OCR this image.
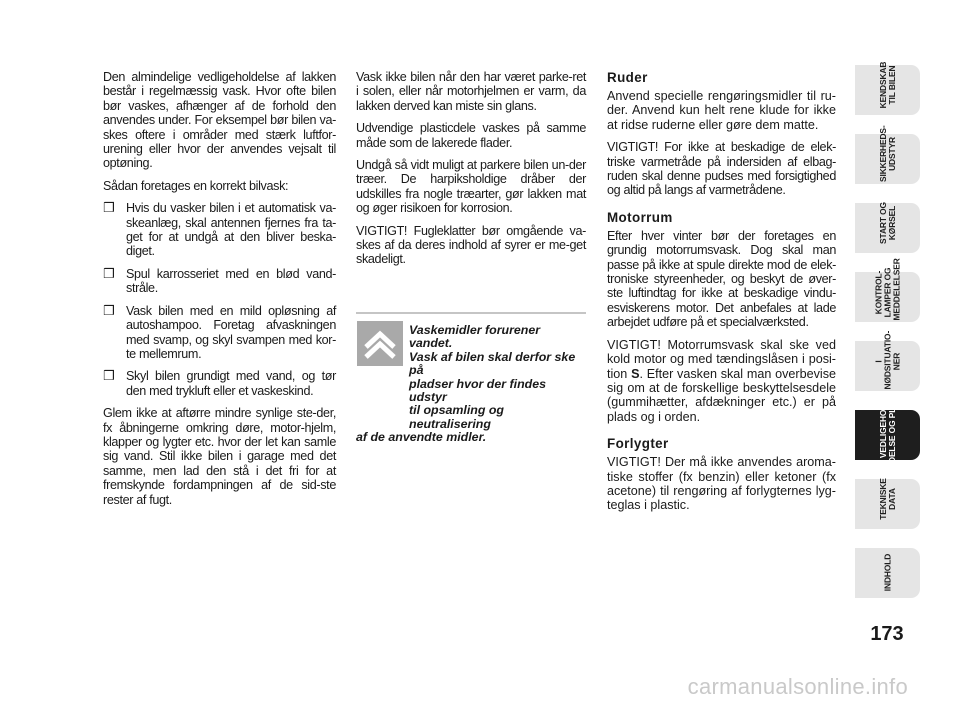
Den almindelige vedligeholdelse af lakken består i regelmæssig vask. Hvor ofte bilen bør vaskes, afhænger af de forhold den anvendes under. For eksempel bør bilen va-skes oftere i områder med stærk luftfor-urening eller hvor der anvendes vejsalt til optøning.

Sådan foretages en korrekt bilvask:

❒ Hvis du vasker bilen i et automatisk va-skeanlæg, skal antennen fjernes fra ta-get for at undgå at den bliver beska-diget.
❒ Spul karrosseriet med en blød vand-stråle.
❒ Vask bilen med en mild opløsning af autoshampoo. Foretag afvaskningen med svamp, og skyl svampen med kor-te mellemrum.
❒ Skyl bilen grundigt med vand, og tør den med trykluft eller et vaskeskind.

Glem ikke at aftørre mindre synlige ste-der, fx åbningerne omkring døre, motor-hjelm, klapper og lygter etc. hvor der let kan samle sig vand. Stil ikke bilen i garage med det samme, men lad den stå i det fri for at fremskynde fordampningen af de sid-ste rester af fugt.

Vask ikke bilen når den har været parke-ret i solen, eller når motorhjelmen er varm, da lakken derved kan miste sin glans.

Udvendige plasticdele vaskes på samme måde som de lakerede flader.

Undgå så vidt muligt at parkere bilen un-der træer. De harpiksholdige dråber der udskilles fra nogle træarter, gør lakken mat og øger risikoen for korrosion.

VIGTIGT! Fugleklatter bør omgående va-skes af da deres indhold af syrer er me-get skadeligt.

Vaskemidler forurener vandet.
Vask af bilen skal derfor ske på
pladser hvor der findes udstyr
til opsamling og neutralisering
af de anvendte midler.
Ruder

Anvend specielle rengøringsmidler til ru-der. Anvend kun helt rene klude for ikke at ridse ruderne eller gøre dem matte.

VIGTIGT! For ikke at beskadige de elek-triske varmetråde på indersiden af elbag-ruden skal denne pudses med forsigtighed og altid på langs af varmetrådene.

Motorrum

Efter hver vinter bør der foretages en grundig motorrumsvask. Dog skal man passe på ikke at spule direkte mod de elek-troniske styreenheder, og beskyt de øver-ste luftindtag for ikke at beskadige vindu-esviskerens motor. Det anbefales at lade arbejdet udføre på et specialværksted.

VIGTIGT! Motorrumsvask skal ske ved kold motor og med tændingslåsen i posi-tion S. Efter vasken skal man overbevise sig om at de forskellige beskyttelsesdele (gummihætter, afdækninger etc.) er på plads og i orden.

Forlygter

VIGTIGT! Der må ikke anvendes aroma-tiske stoffer (fx benzin) eller ketoner (fx acetone) til rengøring af forlygternes lyg-teglas i plastic.

KENDSKAB TIL BILEN
SIKKERHEDS- UDSTYR
START OG KØRSEL
KONTROL- LAMPER OG MEDDELELSER
I NØDSITUATIO- NER
VEDLIGEHOL- DELSE OG PLEJE
TEKNISKE DATA
INDHOLD
173
carmanualsonline.info
